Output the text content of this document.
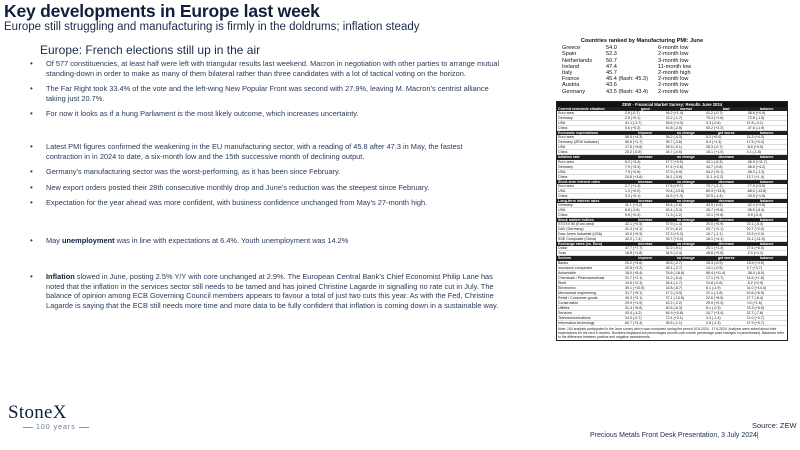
Key developments in Europe last week
Europe still struggling and manufacturing is firmly in the doldrums; inflation steady
Europe: French elections still up in the air
• Of 577 constituencies, at least half were left with triangular results last weekend. Macron in negotiation with other parties to arrange mutual standing-down in order to make as many of them bilateral rather than three candidates with a lot of tactical voting on the horizon.
• The Far Right took 33.4% of the vote and the left-wing New Popular Front was second with 27.9%, leaving M. Macron’s centrist alliance taking just 20.7%.
• For now it looks as if a hung Parliament is the most likely outcome, which increases uncertainty.
• Latest PMI figures confirmed the weakening in the EU manufacturing sector, with a reading of 45.8 after 47.3 in May, the fastest contraction in in 2024 to date, a six-month low and the 15th successive month of declining output.
• Germany’s manufacturing sector was the worst-performing, as it has been since February.
• New export orders posted their 28th consecutive monthly drop and June’s reduction was the steepest since February.
• Expectation for the year ahead was more confident, with business confidence unchanged from May’s 27-month high.
• May unemployment was in line with expectations at 6.4%. Youth unemployment was 14.2%
• Inflation slowed in June, posting 2.5% Y/Y with core unchanged at 2.9%. The European Central Bank’s Chief Economist Philip Lane has noted that the inflation in the services sector still needs to be tamed and has joined Christine Lagarde in signalling no rate cut in July. The balance of opinion among ECB Governing Council members appears to favour a total of just two cuts this year. As with the Fed, Christine Lagarde is saying that the ECB still needs more time and more data to be fully confident that inflation is coming down in a sustainable way.
Countries ranked by Manufacturing PMI: June
Greece	54.0	6-month low
Spain	52.3	2-month low
Netherlands	50.7	3-month low
Ireland	47.4	11-month low
Italy	45.7	2-month high
France	45.4 (flash: 45.3)	2-month low
Austria	43.6	2-month low
Germany	43.5 (flash: 43.4)	2-month low
ZEW - Financial Market Survey: Results June 2024
Current economic situation	good	normal	bad	balance
Euro area	2.6 (-0.7)	56.2 (+1.4)	41.2 (-0.7)	-38.6 (+0.0)
Germany	2.5 (+0.1)	22.2 (-1.7)	75.3 (+1.6)	-72.8 (-1.5)
USA	41.1 (-3.7)	55.6 (+4.3)	3.3 (-0.6)	37.8 (-3.1)
China	5.6 (+0.3)	40.8 (-2.5)	53.2 (+2.2)	-47.6 (-1.9)
Economic expectations	improve	no change	get worse	balance
Euro area	56.5 (+4.3)	38.2 (-4.3)	5.2 (+0.0)	51.3 (+4.3)
Germany (ZEW Indicator)	50.6 (+1.7)	35.7 (-3.6)	8.4 (+1.3)	47.5 (+0.4)
USA	17.6 (+4.6)	59.9 (-0.1)	26.3 (-0.7)	-8.5 (+4.5)
China	20.2 (-0.5)	64.7 (-0.6)	15.1 (+1.0)	5.1 (-1.5)
Inflation rate	increase	no change	decrease	balance
Euro area	6.2 (+3.4)	47.7 (+0.9)	43.1 (-6.3)	-36.9 (+11.7)
Germany	7.9 (+3.4)	47.4 (+2.6)	44.7 (-0.8)	-36.8 (+4.2)
USA	7.9 (+0.8)	37.9 (-0.9)	54.2 (+0.1)	-46.3 (-1.3)
China	24.8 (+3.6)	64.1 (-5.8)	11.1 (+2.2)	13.7 (+1.4)
Short-term interest rates	increase	no change	decrease	balance
Euro area	2.7 (+1.4)	17.6 (+0.7)	79.7 (-2.1)	-77.0 (+3.5)
USA	1.3 (+0.0)	29.4 (-13.8)	69.3 (+13.8)	-68.0 (-13.8)
China	3.0 (+0.1)	64.5 (+1.3)	32.5 (-1.4)	-29.5 (+1.5)
Long-term interest rates	increase	no change	decrease	balance
Germany	11.1 (+3.2)	45.4 (-2.6)	43.5 (-0.6)	-32.4 (+3.8)
USA	8.8 (-0.6)	45.4 (-5.3)	45.7 (+5.8)	-36.9 (-6.4)
China	9.6 (+0.4)	71.3 (-1.2)	19.1 (+0.8)	-9.5 (-0.4)
Stock market indices	increase	no change	decrease	balance
STOXX 50 (Euro area)	42.1 (+0.5)	37.9 (-1.4)	20.0 (+0.9)	22.1 (-0.4)
DAX (Germany)	41.4 (+4.1)	37.9 (-6.2)	20.7 (+2.1)	20.7 (+2.0)
Dow Jones Industrial (USA)	43.0 (+0.9)	37.3 (+0.2)	19.7 (-1.1)	23.3 (+2.0)
SSE Composite (China)	42.2 (-7.4)	39.7 (+3.3)	18.1 (+4.1)	24.1 (-11.5)
Exchange rates (vs. Euro)	increase	no change	decrease	balance
Dollar	47.7 (+7.7)	32.2 (-9.1)	20.1 (+1.4)	27.6 (+6.3)
Yuan	16.8 (+1.8)	64.5 (-2.4)	18.8 (+0.6)	-2.0 (+1.2)
Sectors	improve	no change	get worse	balance
Banks	29.2 (+3.6)	55.5 (-2.7)	15.3 (-0.9)	13.9 (+4.5)
Insurance companies	20.8 (+3.2)	65.1 (-2.7)	14.1 (-0.5)	6.7 (+3.7)
Automobile	18.0 (+5.4)	25.6 (-16.8)	56.4 (+11.4)	-38.4 (-6.0)
Chemicals / Pharmaceuticals	31.7 (+1.1)	51.2 (-5.4)	17.1 (+0.7)	14.6 (+1.8)
Steel	19.6 (+2.3)	55.4 (-1.7)	24.8 (-0.6)	-5.2 (+2.9)
Electronics	39.1 (+10.5)	52.8 (-8.7)	8.1 (-1.9)	31.0 (+14.4)
Mechanical engineering	31.7 (+5.1)	47.2 (-3.9)	21.1 (-1.8)	10.6 (+6.9)
Retail / Consumer goods	40.3 (+2.1)	37.1 (-10.6)	22.6 (+8.5)	17.7 (-6.4)
Construction	29.9 (+1.9)	40.2 (-2.2)	29.9 (+0.3)	0.0 (+1.6)
Utilities	31.4 (+6.6)	60.5 (-6.3)	8.1 (-0.3)	23.3 (+6.9)
Services	43.4 (-4.2)	46.9 (+0.8)	10.7 (+3.4)	32.7 (-7.6)
Telecommunications	24.3 (-0.7)	72.4 (+2.1)	3.3 (-1.4)	21.0 (+0.7)
Information technology	60.7 (+3.4)	36.5 (-1.1)	2.8 (-2.3)	57.9 (+5.7)
Note: 154 analysts participated in the June survey which was conducted during the period 10.6.2024 - 17.6.2024. Analysts were asked about their expectations for the next 6 months. Numbers displayed are percentages (month-over-month percentage point changes in parentheses). Balances refer to the difference between positive and negative assessments.
Source: ZEW
StoneX
100 years
Precious Metals Front Desk Presentation, 3 July 2024|
